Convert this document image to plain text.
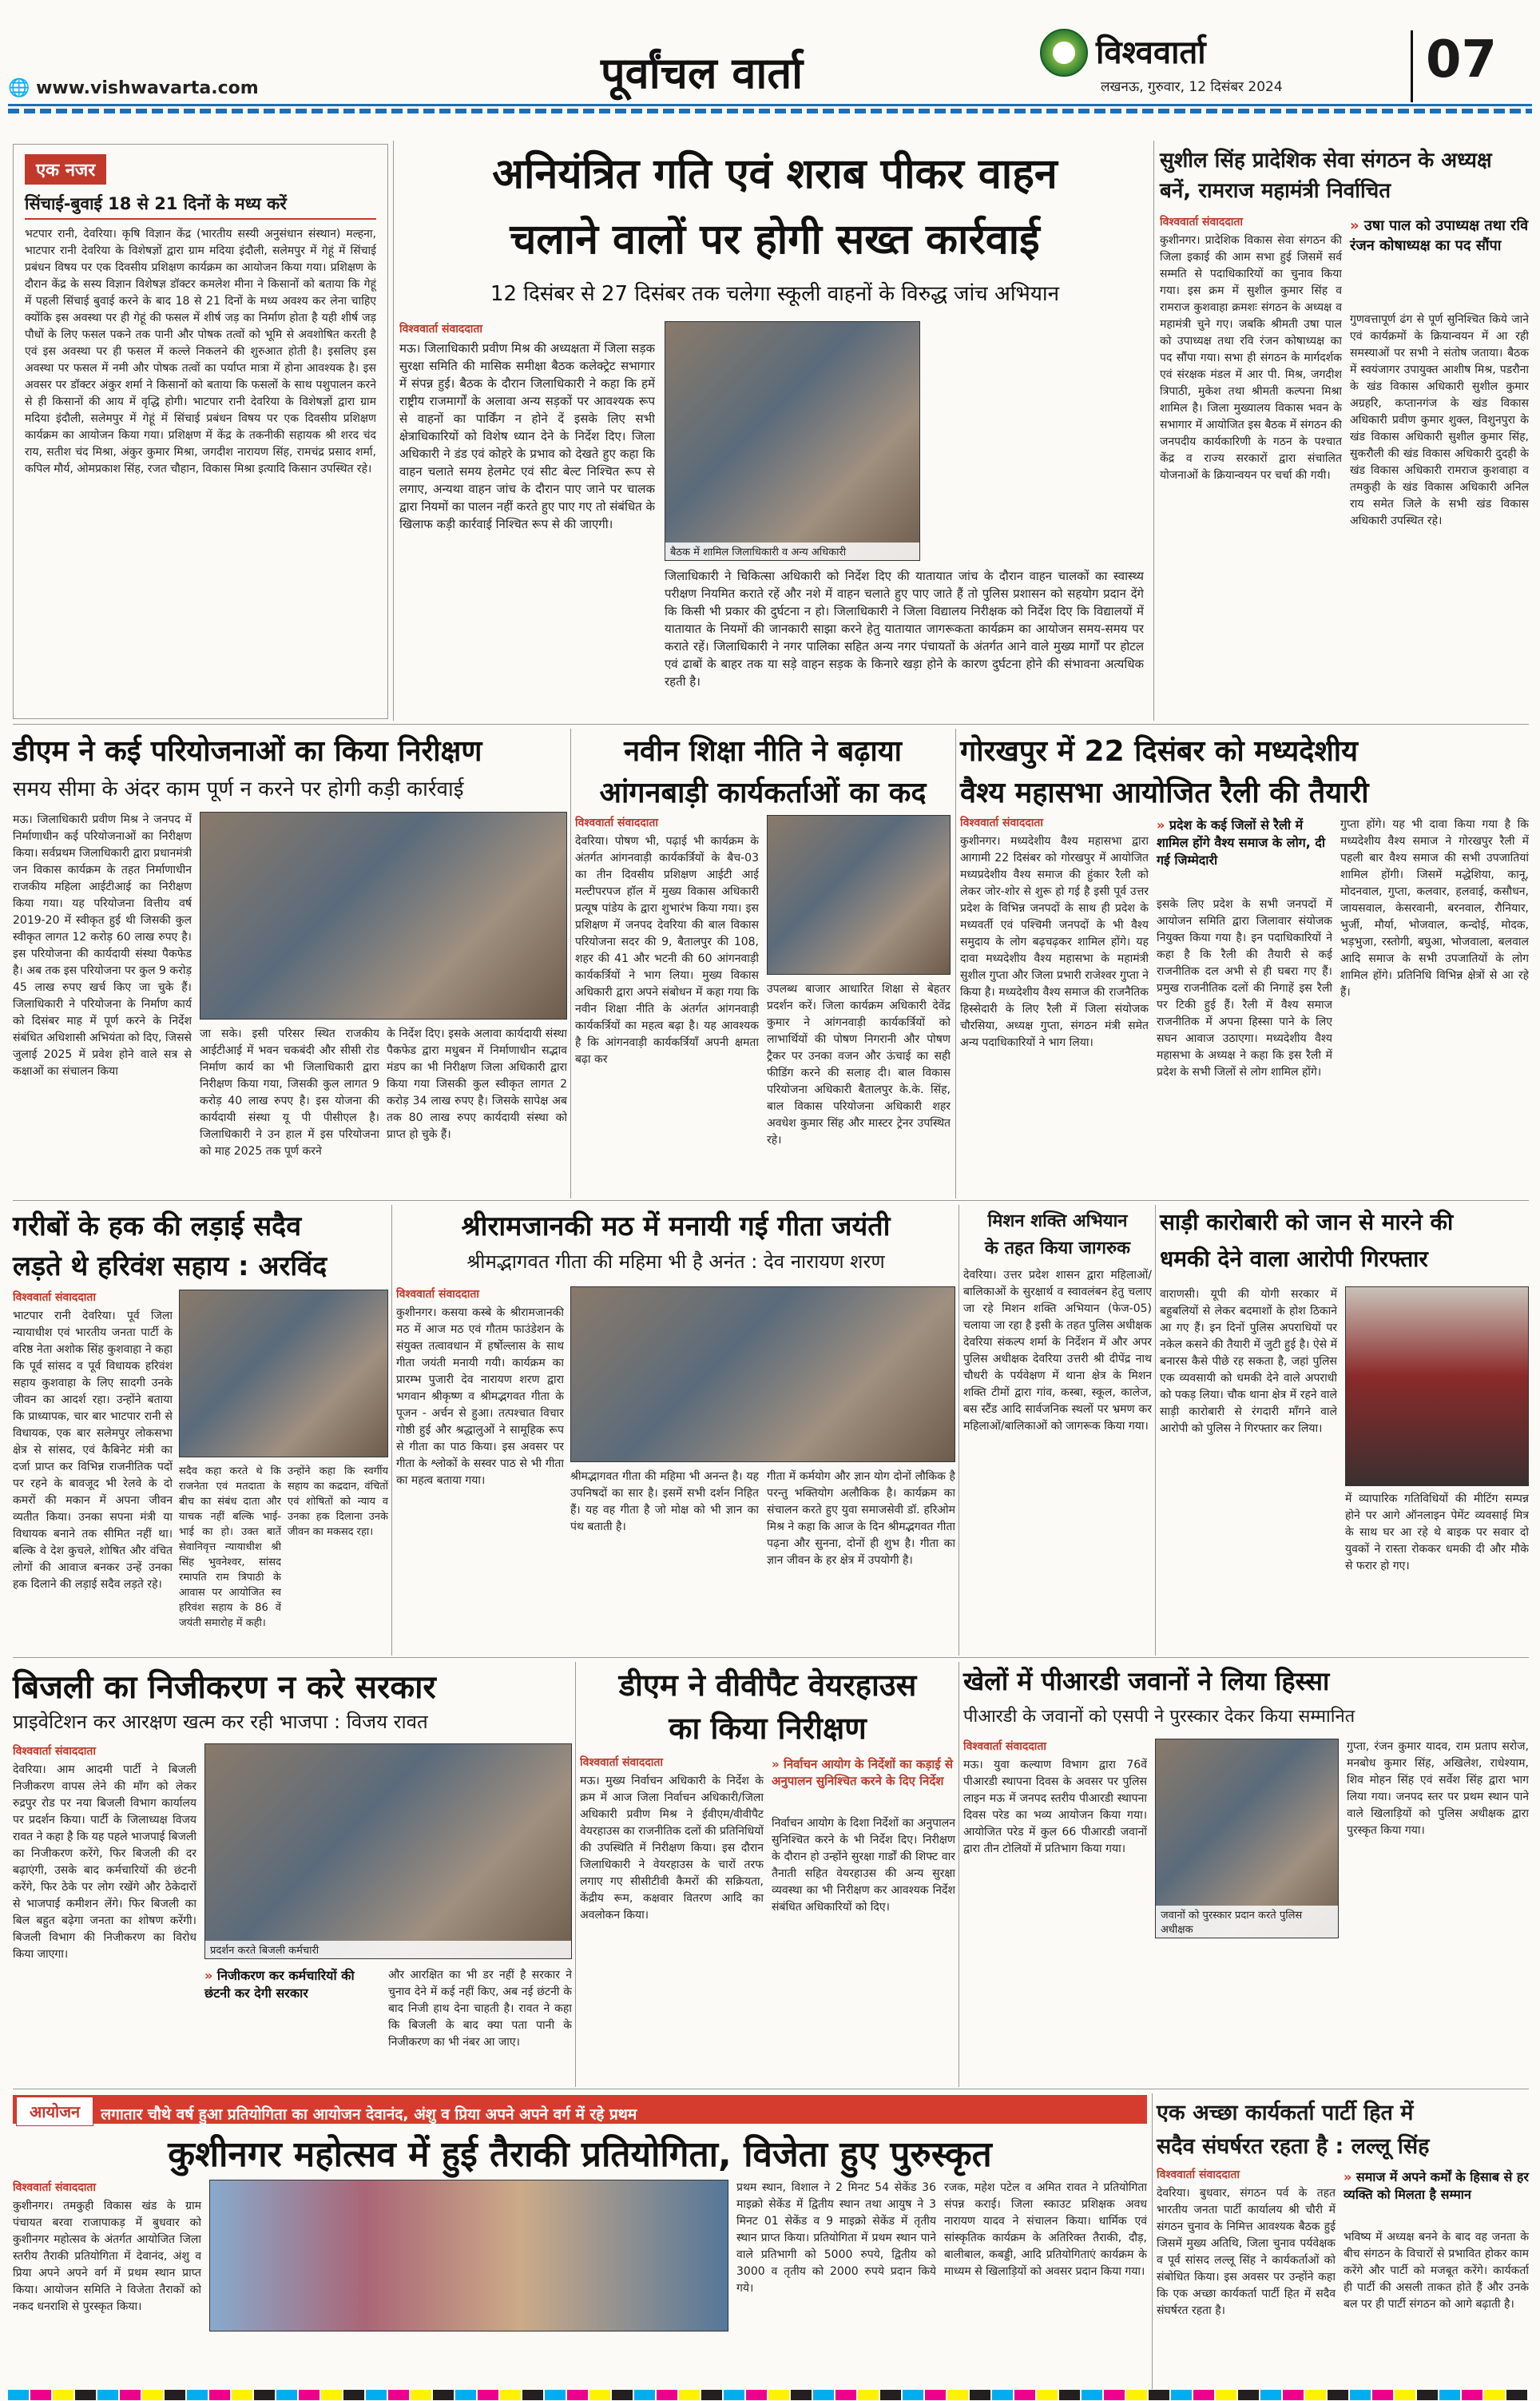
🌐 www.vishwavarta.com	पूर्वांचल वार्ता	विश्ववार्ता
लखनऊ, गुरुवार, 12 दिसंबर 2024	07
एक नजर
सिंचाई-बुवाई 18 से 21 दिनों के मध्य करें
भटपार रानी, देवरिया। कृषि विज्ञान केंद्र (भारतीय सस्यी अनुसंधान संस्थान) मल्हना, भाटपार रानी देवरिया के विशेषज्ञों द्वारा ग्राम मदिया इंदौली, सलेमपुर में गेहूं में सिंचाई प्रबंधन विषय पर एक दिवसीय प्रशिक्षण कार्यक्रम का आयोजन किया गया। प्रशिक्षण के दौरान केंद्र के सस्य विज्ञान विशेषज्ञ डॉक्टर कमलेश मीना ने किसानों को बताया कि गेहूं में पहली सिंचाई बुवाई करने के बाद 18 से 21 दिनों के मध्य अवश्य कर लेना चाहिए क्योंकि इस अवस्था पर ही गेहूं की फसल में शीर्ष जड़ का निर्माण होता है यही शीर्ष जड़ पौधों के लिए फसल पकने तक पानी और पोषक तत्वों को भूमि से अवशोषित करती है एवं इस अवस्था पर ही फसल में कल्ले निकलने की शुरुआत होती है। इसलिए इस अवस्था पर फसल में नमी और पोषक तत्वों का पर्याप्त मात्रा में होना आवश्यक है। इस अवसर पर डॉक्टर अंकुर शर्मा ने किसानों को बताया कि फसलों के साथ पशुपालन करने से ही किसानों की आय में वृद्धि होगी। भाटपार रानी देवरिया के विशेषज्ञों द्वारा ग्राम मदिया इंदौली, सलेमपुर में गेहूं में सिंचाई प्रबंधन विषय पर एक दिवसीय प्रशिक्षण कार्यक्रम का आयोजन किया गया। प्रशिक्षण में केंद्र के तकनीकी सहायक श्री शरद चंद राय, सतीश चंद मिश्रा, अंकुर कुमार मिश्रा, जगदीश नारायण सिंह, रामचंद्र प्रसाद शर्मा, कपिल मौर्य, ओमप्रकाश सिंह, रजत चौहान, विकास मिश्रा इत्यादि किसान उपस्थित रहे।
अनियंत्रित गति एवं शराब पीकर वाहन
चलाने वालों पर होगी सख्त कार्रवाई
12 दिसंबर से 27 दिसंबर तक चलेगा स्कूली वाहनों के विरुद्ध जांच अभियान
विश्ववार्ता संवाददाता
मऊ। जिलाधिकारी प्रवीण मिश्र की अध्यक्षता में जिला सड़क सुरक्षा समिति की मासिक समीक्षा बैठक कलेक्ट्रेट सभागार में संपन्न हुई। बैठक के दौरान जिलाधिकारी ने कहा कि हमें राष्ट्रीय राजमार्गों के अलावा अन्य सड़कों पर आवश्यक रूप से वाहनों का पार्किंग न होने दें इसके लिए सभी क्षेत्राधिकारियों को विशेष ध्यान देने के निर्देश दिए। जिला अधिकारी ने डंड एवं कोहरे के प्रभाव को देखते हुए कहा कि वाहन चलाते समय हेलमेट एवं सीट बेल्ट निश्चित रूप से लगाए, अन्यथा वाहन जांच के दौरान पाए जाने पर चालक द्वारा नियमों का पालन नहीं करते हुए पाए गए तो संबंधित के खिलाफ कड़ी कार्रवाई निश्चित रूप से की जाएगी।
बैठक में शामिल जिलाधिकारी व अन्य अधिकारी
जिलाधिकारी ने चिकित्सा अधिकारी को निर्देश दिए की यातायात जांच के दौरान वाहन चालकों का स्वास्थ्य परीक्षण नियमित कराते रहें और नशे में वाहन चलाते हुए पाए जाते हैं तो पुलिस प्रशासन को सहयोग प्रदान देंगे कि किसी भी प्रकार की दुर्घटना न हो। जिलाधिकारी ने जिला विद्यालय निरीक्षक को निर्देश दिए कि विद्यालयों में यातायात के नियमों की जानकारी साझा करने हेतु यातायात जागरूकता कार्यक्रम का आयोजन समय-समय पर कराते रहें। जिलाधिकारी ने नगर पालिका सहित अन्य नगर पंचायतों के अंतर्गत आने वाले मुख्य मार्गों पर होटल एवं ढाबों के बाहर तक या सड़े वाहन सड़क के किनारे खड़ा होने के कारण दुर्घटना होने की संभावना अत्यधिक रहती है।
सुशील सिंह प्रादेशिक सेवा संगठन के अध्यक्ष बनें, रामराज महामंत्री निर्वाचित
विश्ववार्ता संवाददाता
कुशीनगर। प्रादेशिक विकास सेवा संगठन की जिला इकाई की आम सभा हुई जिसमें सर्व सम्मति से पदाधिकारियों का चुनाव किया गया। इस क्रम में सुशील कुमार सिंह व रामराज कुशवाहा क्रमशः संगठन के अध्यक्ष व महामंत्री चुने गए। जबकि श्रीमती उषा पाल को उपाध्यक्ष तथा रवि रंजन कोषाध्यक्ष का पद सौंपा गया। सभा ही संगठन के मार्गदर्शक एवं संरक्षक मंडल में आर पी. मिश्र, जगदीश त्रिपाठी, मुकेश तथा श्रीमती कल्पना मिश्रा शामिल है। जिला मुख्यालय विकास भवन के सभागार में आयोजित इस बैठक में संगठन की जनपदीय कार्यकारिणी के गठन के पश्चात केंद्र व राज्य सरकारों द्वारा संचालित योजनाओं के क्रियान्वयन पर चर्चा की गयी।
» उषा पाल को उपाध्यक्ष तथा रवि रंजन कोषाध्यक्ष का पद सौंपा
गुणवत्तापूर्ण ढंग से पूर्ण सुनिश्चित किये जाने एवं कार्यक्रमों के क्रियान्वयन में आ रही समस्याओं पर सभी ने संतोष जताया। बैठक में स्वयंजागर उपायुक्त आशीष मिश्र, पडरौना के खंड विकास अधिकारी सुशील कुमार अग्रहरि, कप्तानगंज के खंड विकास अधिकारी प्रवीण कुमार शुक्ल, विशुनपुरा के खंड विकास अधिकारी सुशील कुमार सिंह, सुकरौली की खंड विकास अधिकारी दुदही के खंड विकास अधिकारी रामराज कुशवाहा व तमकुही के खंड विकास अधिकारी अनिल राय समेत जिले के सभी खंड विकास अधिकारी उपस्थित रहे।
डीएम ने कई परियोजनाओं का किया निरीक्षण
समय सीमा के अंदर काम पूर्ण न करने पर होगी कड़ी कार्रवाई
मऊ। जिलाधिकारी प्रवीण मिश्र ने जनपद में निर्माणाधीन कई परियोजनाओं का निरीक्षण किया। सर्वप्रथम जिलाधिकारी द्वारा प्रधानमंत्री जन विकास कार्यक्रम के तहत निर्माणाधीन राजकीय महिला आईटीआई का निरीक्षण किया गया। यह परियोजना वित्तीय वर्ष 2019-20 में स्वीकृत हुई थी जिसकी कुल स्वीकृत लागत 12 करोड़ 60 लाख रुपए है। इस परियोजना की कार्यदायी संस्था पैकफेड है। अब तक इस परियोजना पर कुल 9 करोड़ 45 लाख रुपए खर्च किए जा चुके हैं। जिलाधिकारी ने परियोजना के निर्माण कार्य को दिसंबर माह में पूर्ण करने के निर्देश संबंधित अधिशासी अभियंता को दिए, जिससे जुलाई 2025 में प्रवेश होने वाले सत्र से कक्षाओं का संचालन किया
जा सके। इसी परिसर स्थित राजकीय आईटीआई में भवन चकबंदी और सीसी रोड निर्माण कार्य का भी जिलाधिकारी द्वारा निरीक्षण किया गया, जिसकी कुल लागत 9 करोड़ 40 लाख रुपए है। इस योजना की कार्यदायी संस्था यू पी पीसीएल है। जिलाधिकारी ने उन हाल में इस परियोजना को माह 2025 तक पूर्ण करने
के निर्देश दिए। इसके अलावा कार्यदायी संस्था पैकफेड द्वारा मधुबन में निर्माणाधीन सद्भाव मंडप का भी निरीक्षण जिला अधिकारी द्वारा किया गया जिसकी कुल स्वीकृत लागत 2 करोड़ 34 लाख रुपए है। जिसके सापेक्ष अब तक 80 लाख रुपए कार्यदायी संस्था को प्राप्त हो चुके हैं।
नवीन शिक्षा नीति ने बढ़ाया
आंगनबाड़ी कार्यकर्ताओं का कद
विश्ववार्ता संवाददाता
देवरिया। पोषण भी, पढ़ाई भी कार्यक्रम के अंतर्गत आंगनवाड़ी कार्यकर्त्रियों के बैच-03 का तीन दिवसीय प्रशिक्षण आईटी आई मल्टीपरपज हॉल में मुख्य विकास अधिकारी प्रत्यूष पांडेय के द्वारा शुभारंभ किया गया। इस प्रशिक्षण में जनपद देवरिया की बाल विकास परियोजना सदर की 9, बैतालपुर की 108, शहर की 41 और भटनी की 60 आंगनवाड़ी कार्यकर्त्रियों ने भाग लिया। मुख्य विकास अधिकारी द्वारा अपने संबोधन में कहा गया कि नवीन शिक्षा नीति के अंतर्गत आंगनवाड़ी कार्यकर्त्रियों का महत्व बढ़ा है। यह आवश्यक है कि आंगनवाड़ी कार्यकर्त्रियाँ अपनी क्षमता बढ़ा कर
उपलब्ध बाजार आधारित शिक्षा से बेहतर प्रदर्शन करें। जिला कार्यक्रम अधिकारी देवेंद्र कुमार ने आंगनवाड़ी कार्यकर्त्रियों को लाभार्थियों की पोषण निगरानी और पोषण ट्रैकर पर उनका वजन और ऊंचाई का सही फीडिंग करने की सलाह दी। बाल विकास परियोजना अधिकारी बैतालपुर के.के. सिंह, बाल विकास परियोजना अधिकारी शहर अवधेश कुमार सिंह और मास्टर ट्रेनर उपस्थित रहे।
गोरखपुर में 22 दिसंबर को मध्यदेशीय
वैश्य महासभा आयोजित रैली की तैयारी
विश्ववार्ता संवाददाता
कुशीनगर। मध्यदेशीय वैश्य महासभा द्वारा आगामी 22 दिसंबर को गोरखपुर में आयोजित मध्यप्रदेशीय वैश्य समाज की हुंकार रैली को लेकर जोर-शोर से शुरू हो गई है इसी पूर्व उत्तर प्रदेश के विभिन्न जनपदों के साथ ही प्रदेश के मध्यवर्ती एवं पश्चिमी जनपदों के भी वैश्य समुदाय के लोग बढ़चढ़कर शामिल होंगे। यह दावा मध्यदेशीय वैश्य महासभा के महामंत्री सुशील गुप्ता और जिला प्रभारी राजेश्वर गुप्ता ने किया है। मध्यदेशीय वैश्य समाज की राजनैतिक हिस्सेदारी के लिए रैली में जिला संयोजक चौरसिया, अध्यक्ष गुप्ता, संगठन मंत्री समेत अन्य पदाधिकारियों ने भाग लिया।
» प्रदेश के कई जिलों से रैली में शामिल होंगे वैश्य समाज के लोग, दी गई जिम्मेदारी
इसके लिए प्रदेश के सभी जनपदों में आयोजन समिति द्वारा जिलावार संयोजक नियुक्त किया गया है। इन पदाधिकारियों ने कहा है कि रैली की तैयारी से कई राजनीतिक दल अभी से ही घबरा गए हैं। प्रमुख राजनीतिक दलों की निगाहें इस रैली पर टिकी हुई हैं। रैली में वैश्य समाज राजनीतिक में अपना हिस्सा पाने के लिए सघन आवाज उठाएगा। मध्यदेशीय वैश्य महासभा के अध्यक्ष ने कहा कि इस रैली में प्रदेश के सभी जिलों से लोग शामिल होंगे।
गुप्ता होंगे। यह भी दावा किया गया है कि मध्यदेशीय वैश्य समाज ने गोरखपुर रैली में पहली बार वैश्य समाज की सभी उपजातियां शामिल होंगी। जिसमें मद्धेशिया, कानू, मोदनवाल, गुप्ता, कलवार, हलवाई, कसौधन, जायसवाल, केसरवानी, बरनवाल, रौनियार, भुर्जी, मौर्या, भोजवाल, कन्दोई, मोदक, भड़भुजा, रस्तोगी, बघुआ, भोजवाला, बलवाल आदि समाज के सभी उपजातियों के लोग शामिल होंगे। प्रतिनिधि विभिन्न क्षेत्रों से आ रहे हैं।
गरीबों के हक की लड़ाई सदैव
लड़ते थे हरिवंश सहाय : अरविंद
विश्ववार्ता संवाददाता
भाटपार रानी देवरिया। पूर्व जिला न्यायाधीश एवं भारतीय जनता पार्टी के वरिष्ठ नेता अशोक सिंह कुशवाहा ने कहा कि पूर्व सांसद व पूर्व विधायक हरिवंश सहाय कुशवाहा के लिए सादगी उनके जीवन का आदर्श रहा। उन्होंने बताया कि प्राध्यापक, चार बार भाटपार रानी से विधायक, एक बार सलेमपुर लोकसभा क्षेत्र से सांसद, एवं कैबिनेट मंत्री का दर्जा प्राप्त कर विभिन्न राजनीतिक पदों पर रहने के बावजूद भी रेलवे के दो कमरों की मकान में अपना जीवन व्यतीत किया। उनका सपना मंत्री या विधायक बनाने तक सीमित नहीं था। बल्कि वे देश कुचले, शोषित और वंचित लोगों की आवाज बनकर उन्हें उनका हक दिलाने की लड़ाई सदैव लड़ते रहे।
सदैव कहा करते थे कि राजनेता एवं मतदाता के बीच का संबंध दाता और याचक नहीं बल्कि भाई-भाई का हो। उक्त बातें सेवानिवृत्त न्यायाधीश श्री सिंह भुवनेश्वर, सांसद रमापति राम त्रिपाठी के आवास पर आयोजित स्व हरिवंश सहाय के 86 वें जयंती समारोह में कही।
उन्होंने कहा कि स्वर्गीय सहाय का कद्रदान, वंचितों एवं शोषितों को न्याय व उनका हक दिलाना उनके जीवन का मकसद रहा।
श्रीरामजानकी मठ में मनायी गई गीता जयंती
श्रीमद्भागवत गीता की महिमा भी है अनंत : देव नारायण शरण
विश्ववार्ता संवाददाता
कुशीनगर। कसया कस्बे के श्रीरामजानकी मठ में आज मठ एवं गौतम फाउंडेशन के संयुक्त तत्वावधान में हर्षोल्लास के साथ गीता जयंती मनायी गयी। कार्यक्रम का प्रारम्भ पुजारी देव नारायण शरण द्वारा भगवान श्रीकृष्ण व श्रीमद्भगवत गीता के पूजन - अर्चन से हुआ। तत्पश्चात विचार गोष्ठी हुई और श्रद्धालुओं ने सामूहिक रूप से गीता का पाठ किया। इस अवसर पर गीता के श्लोकों के सस्वर पाठ से भी गीता का महत्व बताया गया।	श्रीमद्भागवत गीता की महिमा भी अनन्त है। यह उपनिषदों का सार है। इसमें सभी दर्शन निहित हैं। यह वह गीता है जो मोक्ष को भी ज्ञान का पंथ बताती है।
गीता में कर्मयोग और ज्ञान योग दोनों लौकिक है परन्तु भक्तियोग अलौकिक है। कार्यक्रम का संचालन करते हुए युवा समाजसेवी डॉ. हरिओम मिश्र ने कहा कि आज के दिन श्रीमद्भगवत गीता पढ़ना और सुनना, दोनों ही शुभ है। गीता का ज्ञान जीवन के हर क्षेत्र में उपयोगी है।
मिशन शक्ति अभियान
के तहत किया जागरुक
देवरिया। उत्तर प्रदेश शासन द्वारा महिलाओं/बालिकाओं के सुरक्षार्थ व स्वावलंबन हेतु चलाए जा रहे मिशन शक्ति अभियान (फेज-05) चलाया जा रहा है इसी के तहत पुलिस अधीक्षक देवरिया संकल्प शर्मा के निर्देशन में और अपर पुलिस अधीक्षक देवरिया उत्तरी श्री दीपेंद्र नाथ चौधरी के पर्यवेक्षण में थाना क्षेत्र के मिशन शक्ति टीमों द्वारा गांव, कस्बा, स्कूल, कालेज, बस स्टैंड आदि सार्वजनिक स्थलों पर भ्रमण कर महिलाओं/बालिकाओं को जागरूक किया गया।
साड़ी कारोबारी को जान से मारने की
धमकी देने वाला आरोपी गिरफ्तार
वाराणसी। यूपी की योगी सरकार में बहुबलियों से लेकर बदमाशों के होश ठिकाने आ गए हैं। इन दिनों पुलिस अपराधियों पर नकेल कसने की तैयारी में जुटी हुई है। ऐसे में बनारस कैसे पीछे रह सकता है, जहां पुलिस एक व्यवसायी को धमकी देने वाले अपराधी को पकड़ लिया। चौक थाना क्षेत्र में रहने वाले साड़ी कारोबारी से रंगदारी माँगने वाले आरोपी को पुलिस ने गिरफ्तार कर लिया।
में व्यापारिक गतिविधियों की मीटिंग सम्पन्न होने पर आगे ऑनलाइन पेमेंट व्यवसाई मित्र के साथ घर आ रहे थे बाइक पर सवार दो युवकों ने रास्ता रोककर धमकी दी और मौके से फरार हो गए।
बिजली का निजीकरण न करे सरकार
प्राइवेटिशन कर आरक्षण खत्म कर रही भाजपा : विजय रावत
विश्ववार्ता संवाददाता
देवरिया। आम आदमी पार्टी ने बिजली निजीकरण वापस लेने की माँग को लेकर रुद्रपुर रोड पर नया बिजली विभाग कार्यालय पर प्रदर्शन किया। पार्टी के जिलाध्यक्ष विजय रावत ने कहा है कि यह पहले भाजपाई बिजली का निजीकरण करेंगे, फिर बिजली की दर बढ़ाएंगी, उसके बाद कर्मचारियों की छंटनी करेंगे, फिर ठेके पर लोग रखेंगे और ठेकेदारों से भाजपाई कमीशन लेंगे। फिर बिजली का बिल बहुत बढ़ेगा जनता का शोषण करेंगी। बिजली विभाग की निजीकरण का विरोध किया जाएगा।	प्रदर्शन करते बिजली कर्मचारी
» निजीकरण कर कर्मचारियों की छंटनी कर देगी सरकार
और आरक्षित का भी डर नहीं है सरकार ने चुनाव देने में कई नहीं किए, अब नई छंटनी के बाद निजी हाथ देना चाहती है। रावत ने कहा कि बिजली के बाद क्या पता पानी के निजीकरण का भी नंबर आ जाए।
डीएम ने वीवीपैट वेयरहाउस
का किया निरीक्षण
विश्ववार्ता संवाददाता
मऊ। मुख्य निर्वाचन अधिकारी के निर्देश के क्रम में आज जिला निर्वाचन अधिकारी/जिला अधिकारी प्रवीण मिश्र ने ईवीएम/वीवीपैट वेयरहाउस का राजनीतिक दलों की प्रतिनिधियों की उपस्थिति में निरीक्षण किया। इस दौरान जिलाधिकारी ने वेयरहाउस के चारों तरफ लगाए गए सीसीटीवी कैमरों की सक्रियता, केंद्रीय रूम, कक्षवार वितरण आदि का अवलोकन किया।
» निर्वाचन आयोग के निर्देशों का कड़ाई से अनुपालन सुनिश्चित करने के दिए निर्देश
निर्वाचन आयोग के दिशा निर्देशों का अनुपालन सुनिश्चित करने के भी निर्देश दिए। निरीक्षण के दौरान हो उन्होंने सुरक्षा गार्डों की शिफ्ट वार तैनाती सहित वेयरहाउस की अन्य सुरक्षा व्यवस्था का भी निरीक्षण कर आवश्यक निर्देश संबंधित अधिकारियों को दिए।
खेलों में पीआरडी जवानों ने लिया हिस्सा
पीआरडी के जवानों को एसपी ने पुरस्कार देकर किया सम्मानित
विश्ववार्ता संवाददाता
मऊ। युवा कल्याण विभाग द्वारा 76वें पीआरडी स्थापना दिवस के अवसर पर पुलिस लाइन मऊ में जनपद स्तरीय पीआरडी स्थापना दिवस परेड का भव्य आयोजन किया गया। आयोजित परेड में कुल 66 पीआरडी जवानों द्वारा तीन टोलियों में प्रतिभाग किया गया।
जवानों को पुरस्कार प्रदान करते पुलिस अधीक्षक
गुप्ता, रंजन कुमार यादव, राम प्रताप सरोज, मनबोध कुमार सिंह, अखिलेश, राधेश्याम, शिव मोहन सिंह एवं सर्वेश सिंह द्वारा भाग लिया गया। जनपद स्तर पर प्रथम स्थान पाने वाले खिलाड़ियों को पुलिस अधीक्षक द्वारा पुरस्कृत किया गया।
आयोजन लगातार चौथे वर्ष हुआ प्रतियोगिता का आयोजन देवानंद, अंशु व प्रिया अपने अपने वर्ग में रहे प्रथम
कुशीनगर महोत्सव में हुई तैराकी प्रतियोगिता, विजेता हुए पुरुस्कृत
विश्ववार्ता संवाददाता
कुशीनगर। तमकुही विकास खंड के ग्राम पंचायत बरवा राजापाकड़ में बुधवार को कुशीनगर महोत्सव के अंतर्गत आयोजित जिला स्तरीय तैराकी प्रतियोगिता में देवानंद, अंशु व प्रिया अपने अपने वर्ग में प्रथम स्थान प्राप्त किया। आयोजन समिति ने विजेता तैराकों को नकद धनराशि से पुरस्कृत किया।
प्रथम स्थान, विशाल ने 2 मिनट 54 सेकेंड 36 माइक्रो सेकेंड में द्वितीय स्थान तथा आयुष ने 3 मिनट 01 सेकेंड व 9 माइक्रो सेकेंड में तृतीय स्थान प्राप्त किया। प्रतियोगिता में प्रथम स्थान पाने वाले प्रतिभागी को 5000 रुपये, द्वितीय को 3000 व तृतीय को 2000 रुपये प्रदान किये गये।
रजक, महेश पटेल व अमित रावत ने प्रतियोगिता संपन्न कराई। जिला स्काउट प्रशिक्षक अवध नारायण यादव ने संचालन किया। धार्मिक एवं सांस्कृतिक कार्यक्रम के अतिरिक्त तैराकी, दौड़, बालीबाल, कबड्डी, आदि प्रतियोगिताएं कार्यक्रम के माध्यम से खिलाड़ियों को अवसर प्रदान किया गया।
एक अच्छा कार्यकर्ता पार्टी हित में
सदैव संघर्षरत रहता है : लल्लू सिंह
विश्ववार्ता संवाददाता
देवरिया। बुधवार, संगठन पर्व के तहत भारतीय जनता पार्टी कार्यालय श्री चौरी में संगठन चुनाव के निमित्त आवश्यक बैठक हुई जिसमें मुख्य अतिथि, जिला चुनाव पर्यवेक्षक व पूर्व सांसद लल्लू सिंह ने कार्यकर्ताओं को संबोधित किया। इस अवसर पर उन्होंने कहा कि एक अच्छा कार्यकर्ता पार्टी हित में सदैव संघर्षरत रहता है।
» समाज में अपने कर्मों के हिसाब से हर व्यक्ति को मिलता है सम्मान
भविष्य में अध्यक्ष बनने के बाद वह जनता के बीच संगठन के विचारों से प्रभावित होकर काम करेंगे और पार्टी को मजबूत करेंगे। कार्यकर्ता ही पार्टी की असली ताकत होते हैं और उनके बल पर ही पार्टी संगठन को आगे बढ़ाती है।
